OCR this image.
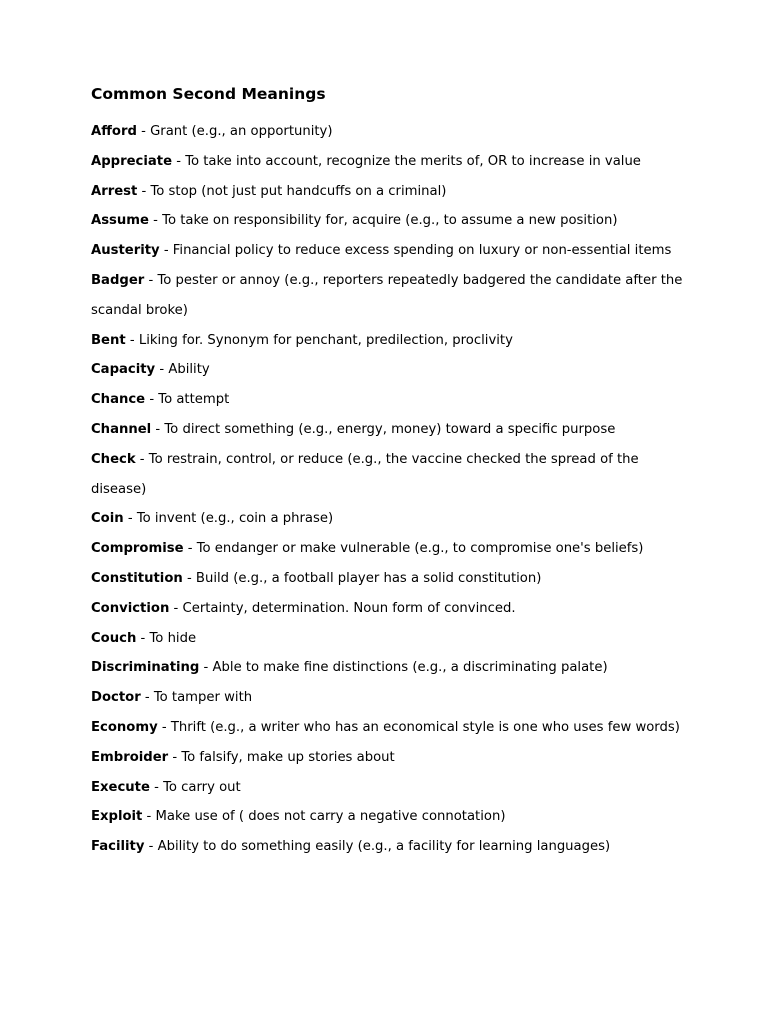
Common Second Meanings
Afford - Grant (e.g., an opportunity)
Appreciate - To take into account, recognize the merits of, OR to increase in value
Arrest - To stop (not just put handcuffs on a criminal)
Assume - To take on responsibility for, acquire (e.g., to assume a new position)
Austerity - Financial policy to reduce excess spending on luxury or non-essential items
Badger - To pester or annoy (e.g., reporters repeatedly badgered the candidate after the scandal broke)
Bent - Liking for. Synonym for penchant, predilection, proclivity
Capacity - Ability
Chance - To attempt
Channel - To direct something (e.g., energy, money) toward a specific purpose
Check - To restrain, control, or reduce (e.g., the vaccine checked the spread of the disease)
Coin - To invent (e.g., coin a phrase)
Compromise - To endanger or make vulnerable (e.g., to compromise one's beliefs)
Constitution - Build (e.g., a football player has a solid constitution)
Conviction - Certainty, determination. Noun form of convinced.
Couch - To hide
Discriminating - Able to make fine distinctions (e.g., a discriminating palate)
Doctor - To tamper with
Economy - Thrift (e.g., a writer who has an economical style is one who uses few words)
Embroider - To falsify, make up stories about
Execute - To carry out
Exploit - Make use of ( does not carry a negative connotation)
Facility - Ability to do something easily (e.g., a facility for learning languages)
